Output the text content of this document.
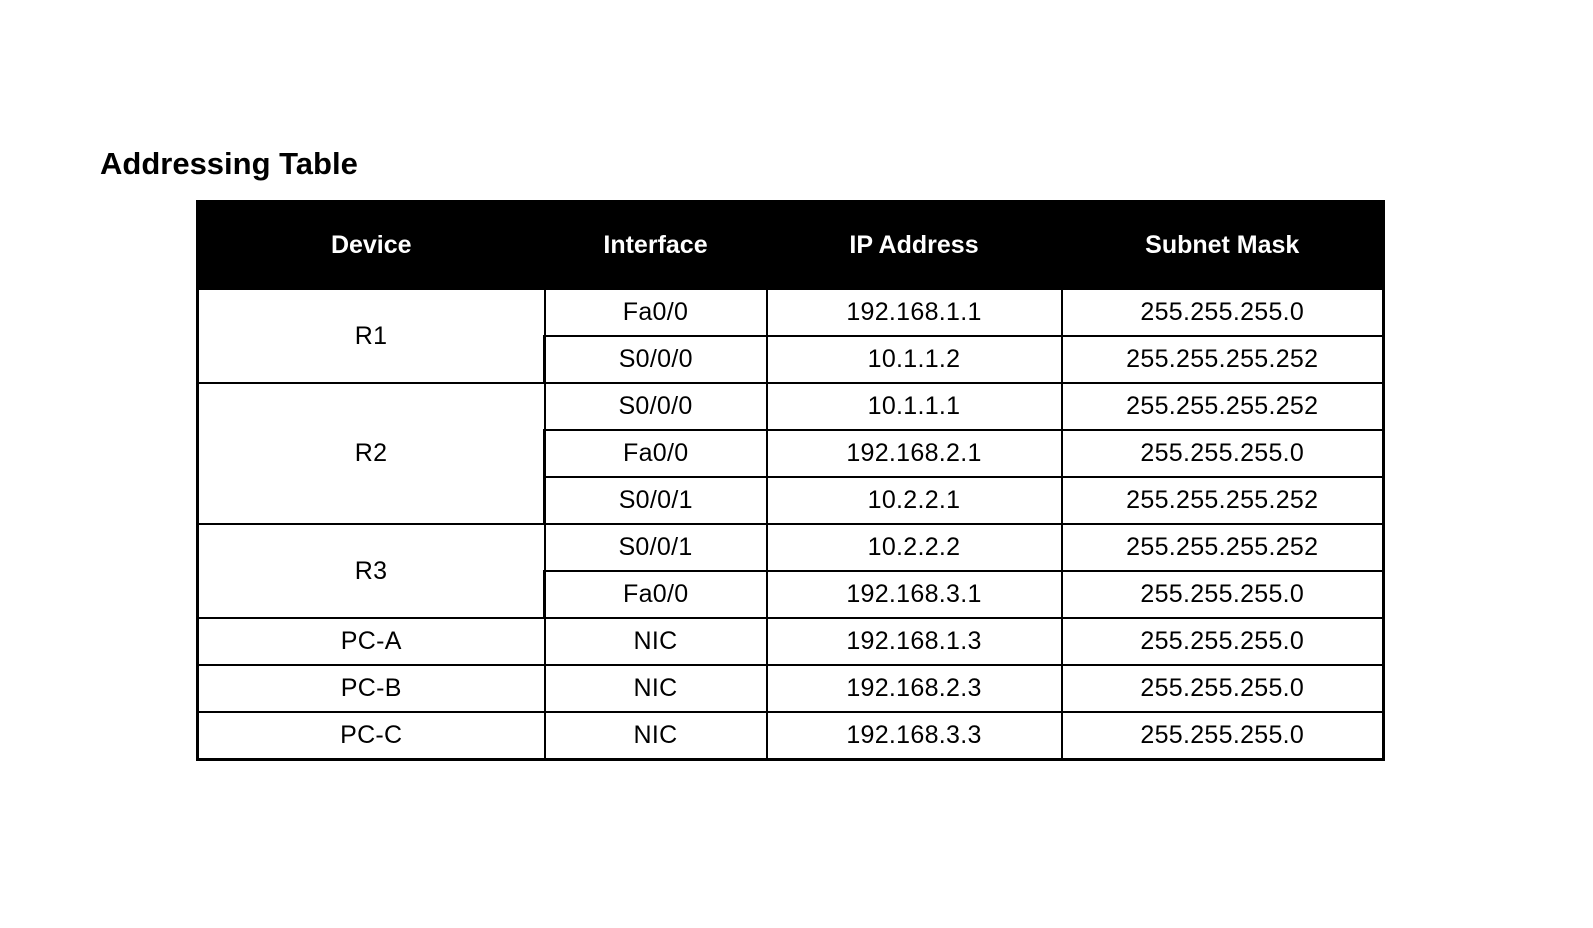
Addressing Table
Device	Interface	IP Address	Subnet Mask
R1	Fa0/0	192.168.1.1	255.255.255.0
	S0/0/0	10.1.1.2	255.255.255.252
R2	S0/0/0	10.1.1.1	255.255.255.252
	Fa0/0	192.168.2.1	255.255.255.0
	S0/0/1	10.2.2.1	255.255.255.252
R3	S0/0/1	10.2.2.2	255.255.255.252
	Fa0/0	192.168.3.1	255.255.255.0
PC-A	NIC	192.168.1.3	255.255.255.0
PC-B	NIC	192.168.2.3	255.255.255.0
PC-C	NIC	192.168.3.3	255.255.255.0
